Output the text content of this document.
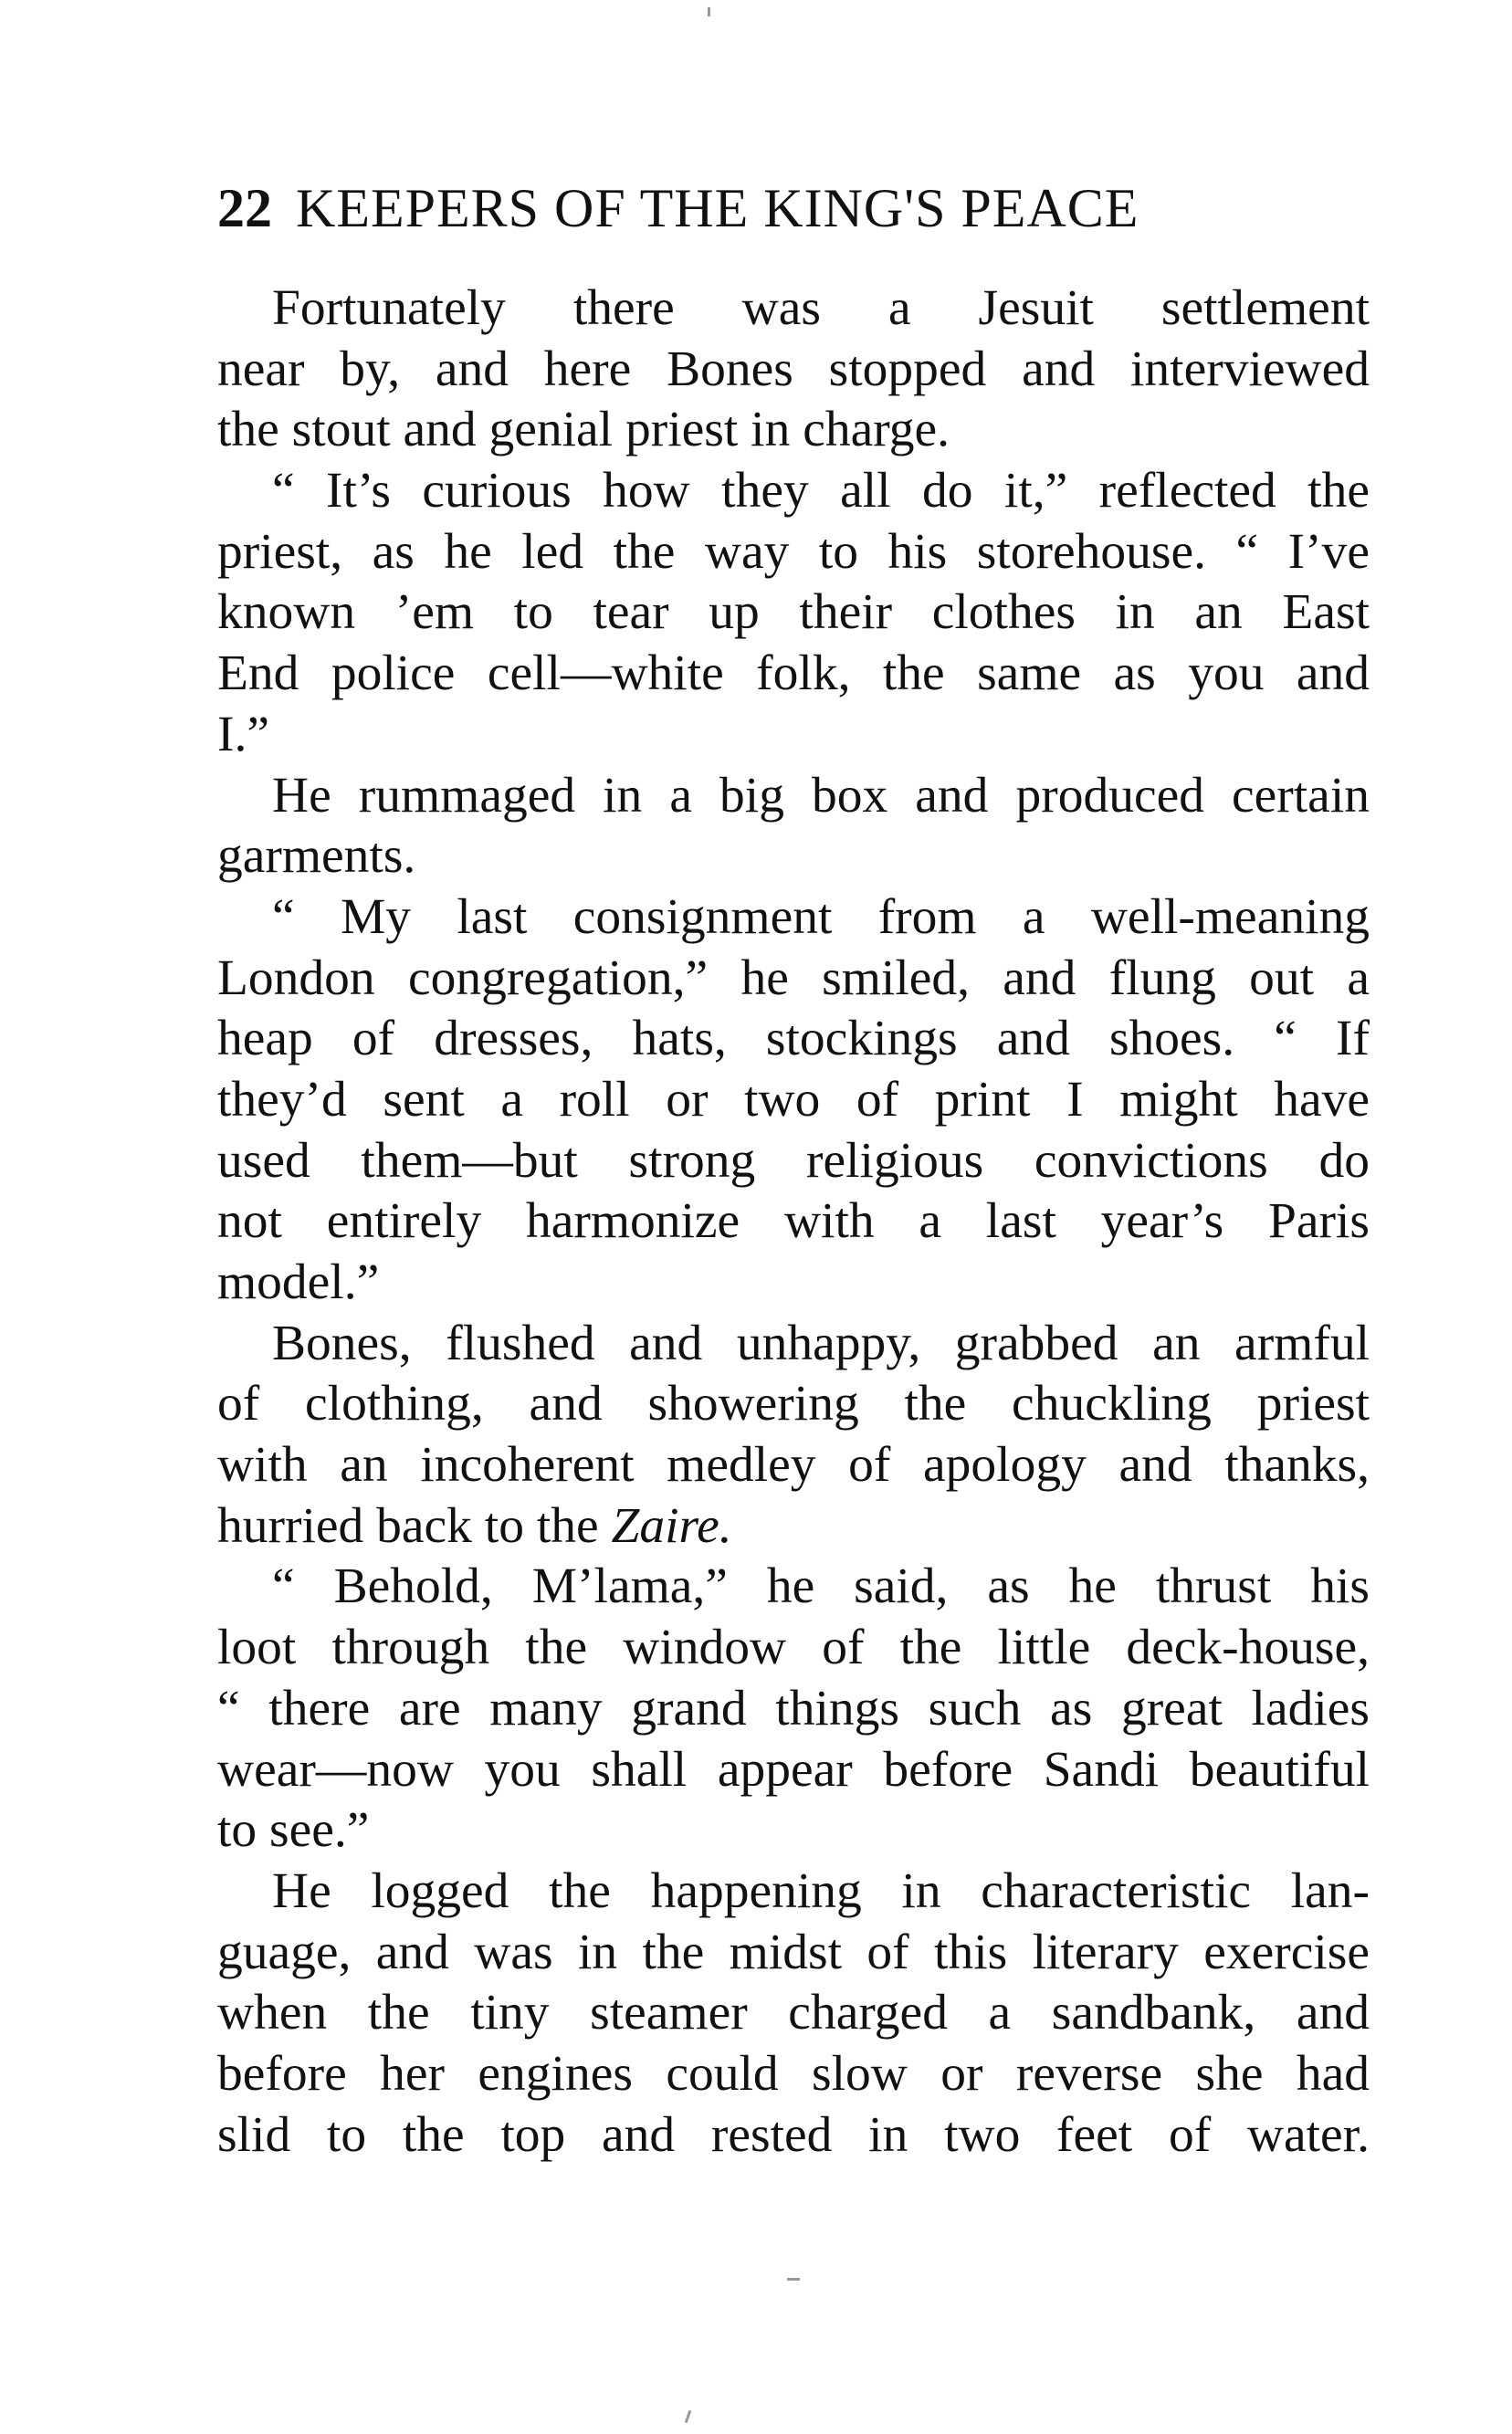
22 KEEPERS OF THE KING'S PEACE
Fortunately there was a Jesuit settlement
near by, and here Bones stopped and interviewed
the stout and genial priest in charge.
“ It’s curious how they all do it,” reflected the
priest, as he led the way to his storehouse. “ I’ve
known ’em to tear up their clothes in an East
End police cell—white folk, the same as you and
I.”
He rummaged in a big box and produced certain
garments.
“ My last consignment from a well-meaning
London congregation,” he smiled, and flung out a
heap of dresses, hats, stockings and shoes. “ If
they’d sent a roll or two of print I might have
used them—but strong religious convictions do
not entirely harmonize with a last year’s Paris
model.”
Bones, flushed and unhappy, grabbed an armful
of clothing, and showering the chuckling priest
with an incoherent medley of apology and thanks,
hurried back to the Zaire.
“ Behold, M’lama,” he said, as he thrust his
loot through the window of the little deck-house,
“ there are many grand things such as great ladies
wear—now you shall appear before Sandi beautiful
to see.”
He logged the happening in characteristic lan-
guage, and was in the midst of this literary exercise
when the tiny steamer charged a sandbank, and
before her engines could slow or reverse she had
slid to the top and rested in two feet of water.
